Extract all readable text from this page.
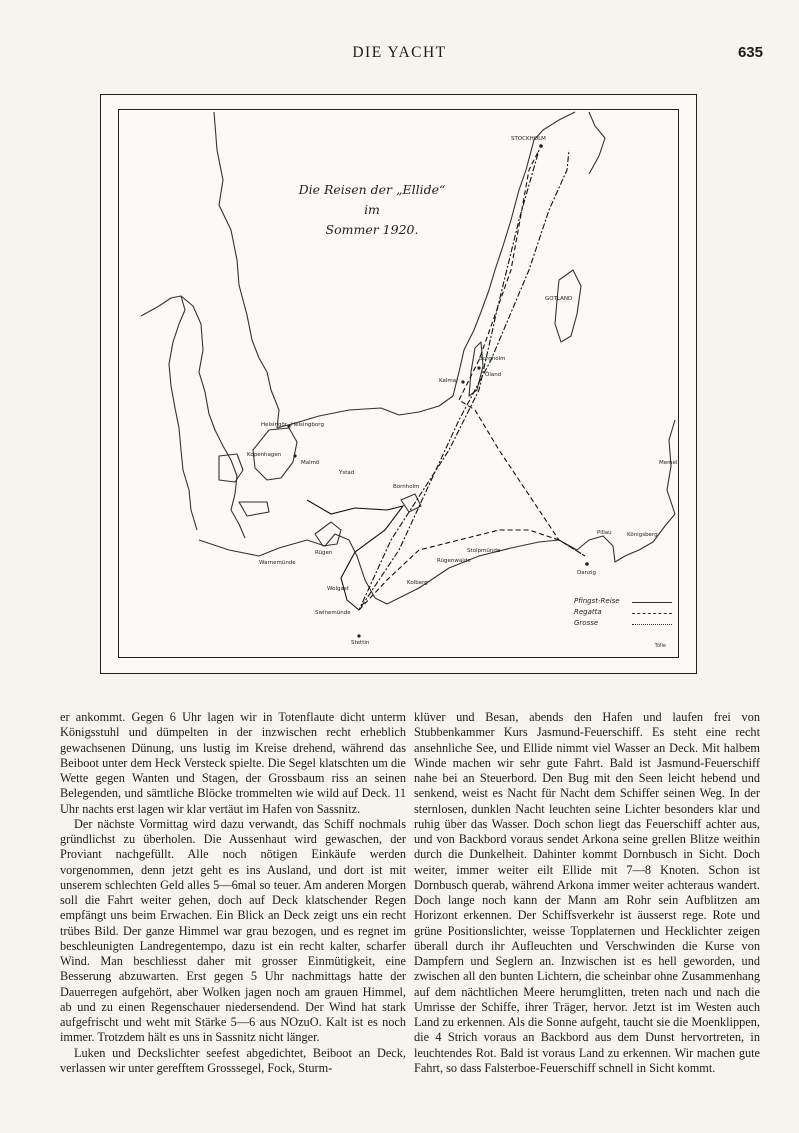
DIE YACHT	635
Die Reisen der „Ellide“
im
Sommer 1920.
STOCKHOLM
GOTLAND
Öland
Borgholm
Kalmar
Helsingborg
Helsingör
Kopenhagen
Malmö
Ystad
Bornholm
Rügen
Warnemünde
Wolgast
Swinemünde
Stettin
Kolberg
Rügenwalde
Stolpmünde
Danzig
Pillau	Königsberg
Memel
Pfingst-Reise
Regatta
Grosse
Tölle

er ankommt. Gegen 6 Uhr lagen wir in Totenflaute dicht unterm Königsstuhl und dümpelten in der inzwischen recht erheblich gewachsenen Dünung, uns lustig im Kreise drehend, während das Beiboot unter dem Heck Versteck spielte. Die Segel klatschten um die Wette gegen Wanten und Stagen, der Grossbaum riss an seinen Belegenden, und sämtliche Blöcke trommelten wie wild auf Deck. 11 Uhr nachts erst lagen wir klar vertäut im Hafen von Sassnitz.

Der nächste Vormittag wird dazu verwandt, das Schiff nochmals gründlichst zu überholen. Die Aussenhaut wird gewaschen, der Proviant nachgefüllt. Alle noch nötigen Einkäufe werden vorgenommen, denn jetzt geht es ins Ausland, und dort ist mit unserem schlechten Geld alles 5—6mal so teuer. Am anderen Morgen soll die Fahrt weiter gehen, doch auf Deck klatschender Regen empfängt uns beim Erwachen. Ein Blick an Deck zeigt uns ein recht trübes Bild. Der ganze Himmel war grau bezogen, und es regnet im beschleunigten Landregentempo, dazu ist ein recht kalter, scharfer Wind. Man beschliesst daher mit grosser Einmütigkeit, eine Besserung abzuwarten. Erst gegen 5 Uhr nachmittags hatte der Dauerregen aufgehört, aber Wolken jagen noch am grauen Himmel, ab und zu einen Regenschauer niedersendend. Der Wind hat stark aufgefrischt und weht mit Stärke 5—6 aus NOzuO. Kalt ist es noch immer. Trotzdem hält es uns in Sassnitz nicht länger.

Luken und Deckslichter seefest abgedichtet, Beiboot an Deck, verlassen wir unter gerefftem Grosssegel, Fock, Sturm-

klüver und Besan, abends den Hafen und laufen frei von Stubbenkammer Kurs Jasmund-Feuerschiff. Es steht eine recht ansehnliche See, und Ellide nimmt viel Wasser an Deck. Mit halbem Winde machen wir sehr gute Fahrt. Bald ist Jasmund-Feuerschiff nahe bei an Steuerbord. Den Bug mit den Seen leicht hebend und senkend, weist es Nacht für Nacht dem Schiffer seinen Weg. In der sternlosen, dunklen Nacht leuchten seine Lichter besonders klar und ruhig über das Wasser. Doch schon liegt das Feuerschiff achter aus, und von Backbord voraus sendet Arkona seine grellen Blitze weithin durch die Dunkelheit. Dahinter kommt Dornbusch in Sicht. Doch weiter, immer weiter eilt Ellide mit 7—8 Knoten. Schon ist Dornbusch querab, während Arkona immer weiter achteraus wandert. Doch lange noch kann der Mann am Rohr sein Aufblitzen am Horizont erkennen. Der Schiffsverkehr ist äusserst rege. Rote und grüne Positionslichter, weisse Topplaternen und Hecklichter zeigen überall durch ihr Aufleuchten und Verschwinden die Kurse von Dampfern und Seglern an. Inzwischen ist es hell geworden, und zwischen all den bunten Lichtern, die scheinbar ohne Zusammenhang auf dem nächtlichen Meere herumglitten, treten nach und nach die Umrisse der Schiffe, ihrer Träger, hervor. Jetzt ist im Westen auch Land zu erkennen. Als die Sonne aufgeht, taucht sie die Moenklippen, die 4 Strich voraus an Backbord aus dem Dunst hervortreten, in leuchtendes Rot. Bald ist voraus Land zu erkennen. Wir machen gute Fahrt, so dass Falsterboe-Feuerschiff schnell in Sicht kommt.
